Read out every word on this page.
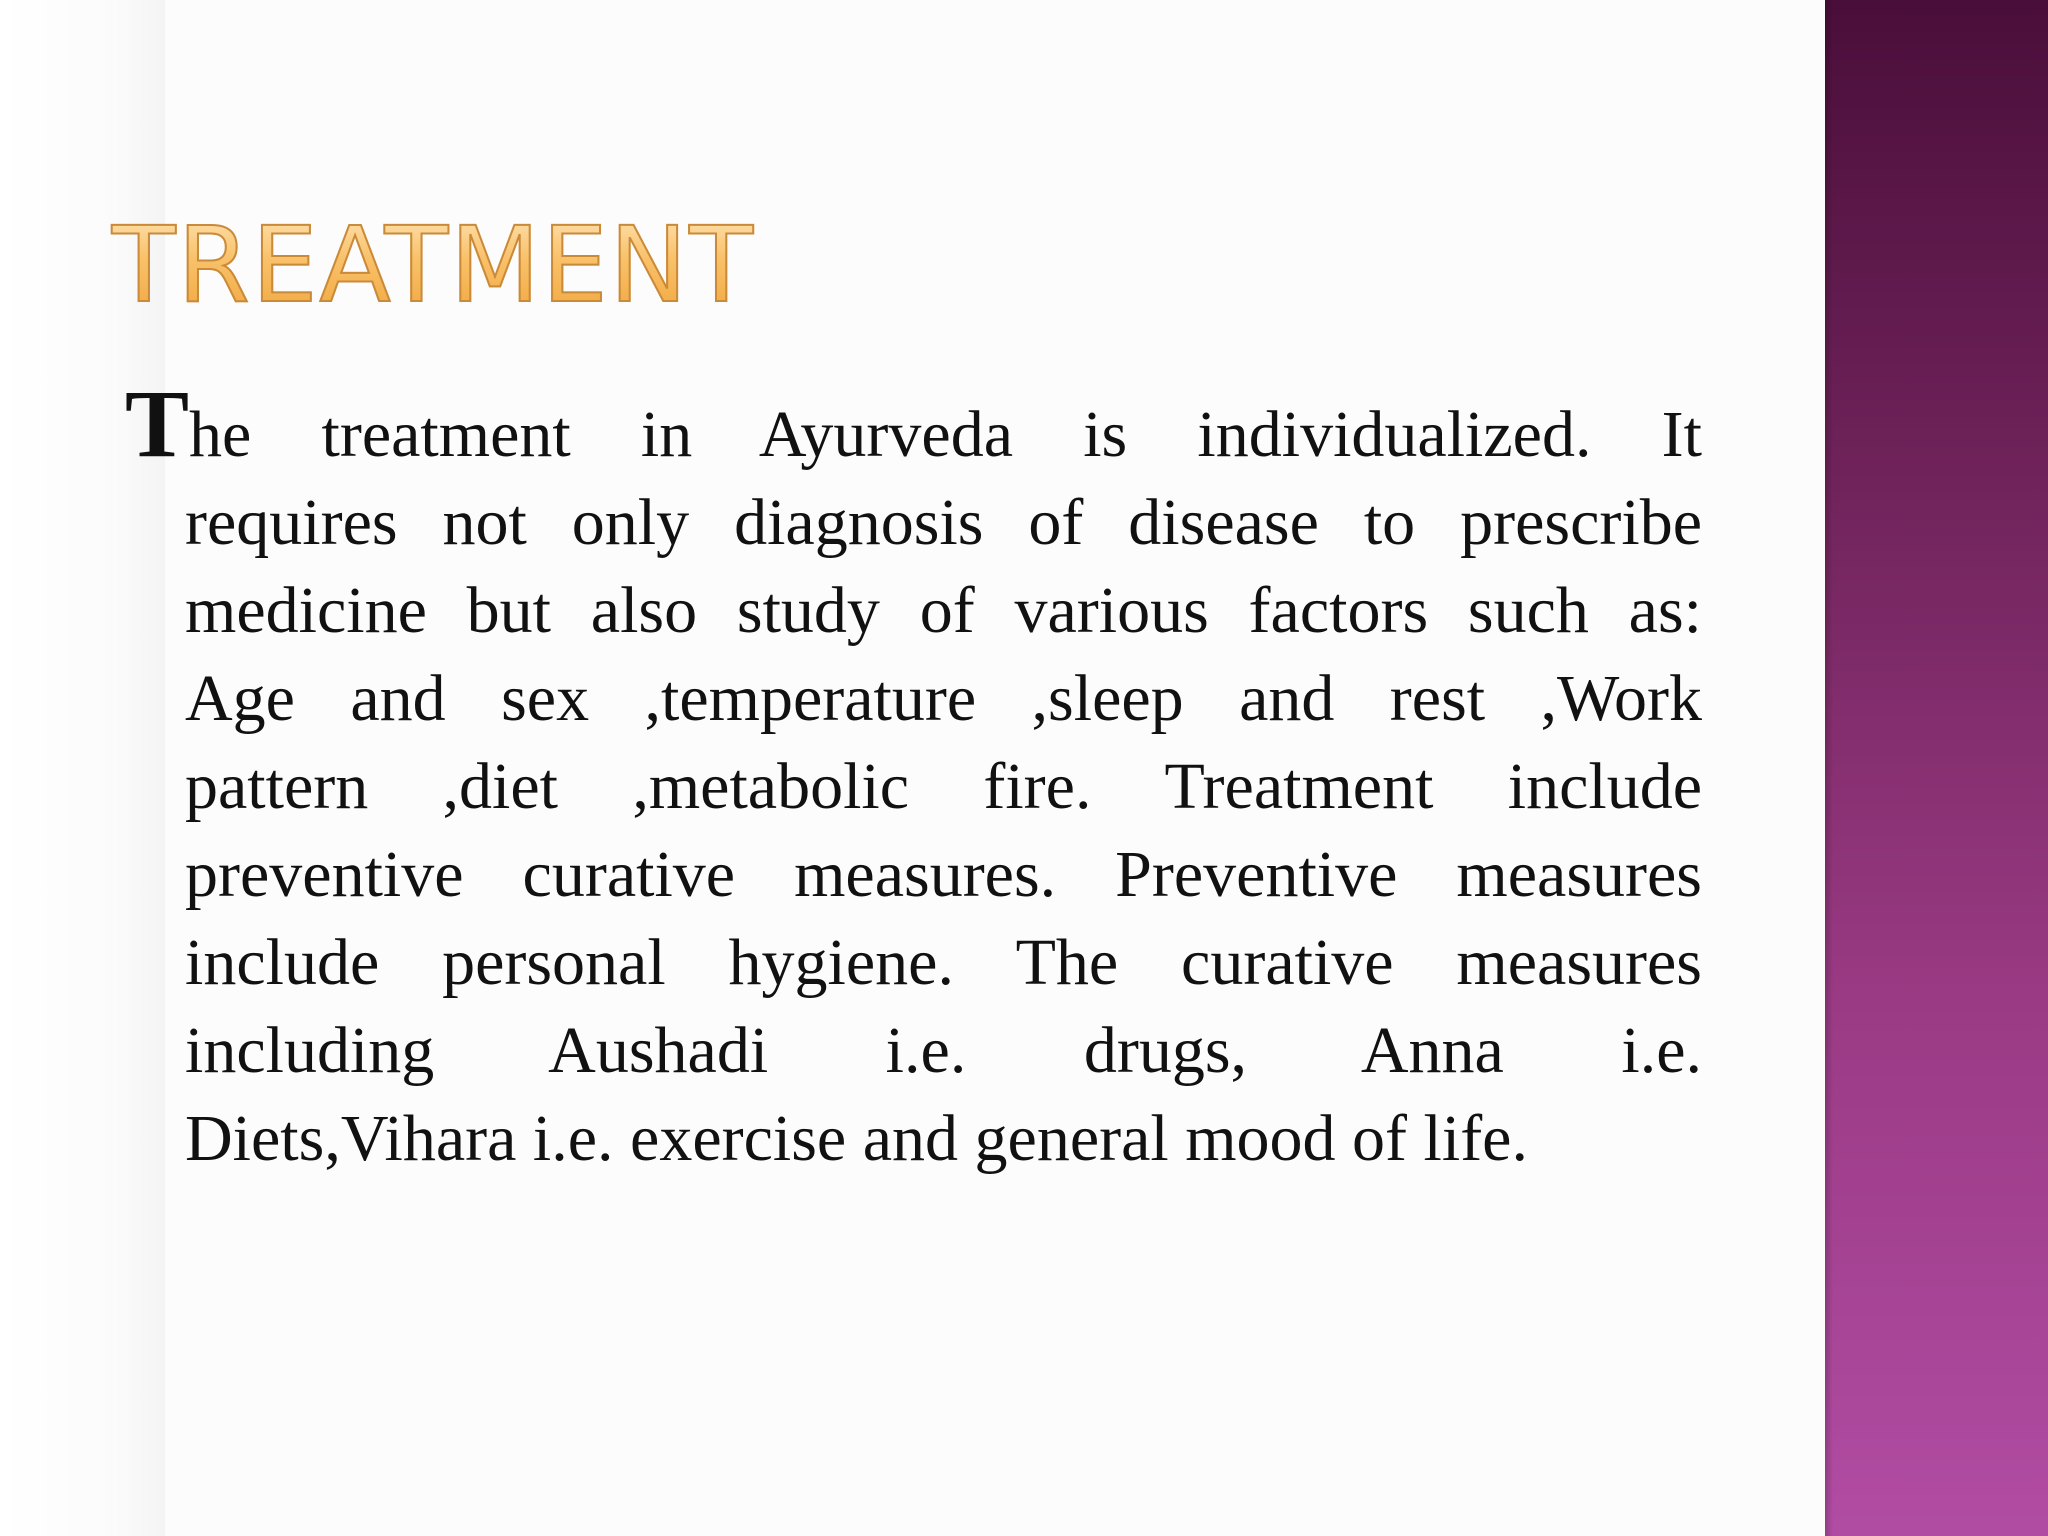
TREATMENT
The treatment in Ayurveda is individualized. It
requires not only diagnosis of disease to prescribe
medicine but also study of various factors such as:
Age and sex ,temperature ,sleep and rest ,Work
pattern ,diet ,metabolic fire. Treatment include
preventive curative measures. Preventive measures
include personal hygiene. The curative measures
including Aushadi i.e. drugs, Anna i.e.
Diets,Vihara i.e. exercise and general mood of life.
